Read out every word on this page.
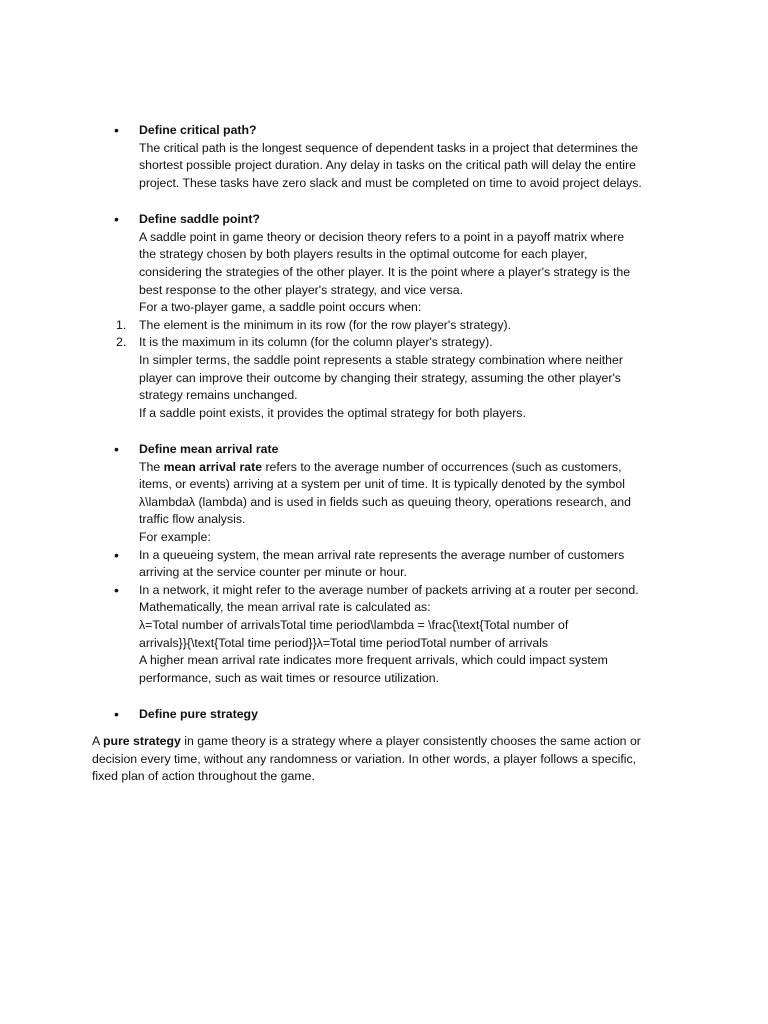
•
Define critical path?
The critical path is the longest sequence of dependent tasks in a project that determines the
shortest possible project duration. Any delay in tasks on the critical path will delay the entire
project. These tasks have zero slack and must be completed on time to avoid project delays.
•
Define saddle point?
A saddle point in game theory or decision theory refers to a point in a payoff matrix where
the strategy chosen by both players results in the optimal outcome for each player,
considering the strategies of the other player. It is the point where a player's strategy is the
best response to the other player's strategy, and vice versa.
For a two-player game, a saddle point occurs when:
1. The element is the minimum in its row (for the row player's strategy).
2. It is the maximum in its column (for the column player's strategy).
In simpler terms, the saddle point represents a stable strategy combination where neither
player can improve their outcome by changing their strategy, assuming the other player's
strategy remains unchanged.
If a saddle point exists, it provides the optimal strategy for both players.
•
Define mean arrival rate
The mean arrival rate refers to the average number of occurrences (such as customers,
items, or events) arriving at a system per unit of time. It is typically denoted by the symbol
λ\lambdaλ (lambda) and is used in fields such as queuing theory, operations research, and
traffic flow analysis.
For example:
•
In a queueing system, the mean arrival rate represents the average number of customers
arriving at the service counter per minute or hour.
•
In a network, it might refer to the average number of packets arriving at a router per second.
Mathematically, the mean arrival rate is calculated as:
λ=Total number of arrivalsTotal time period\lambda = \frac{\text{Total number of
arrivals}}{\text{Total time period}}λ=Total time periodTotal number of arrivals
A higher mean arrival rate indicates more frequent arrivals, which could impact system
performance, such as wait times or resource utilization.
•
Define pure strategy
A pure strategy in game theory is a strategy where a player consistently chooses the same action or
decision every time, without any randomness or variation. In other words, a player follows a specific,
fixed plan of action throughout the game.
